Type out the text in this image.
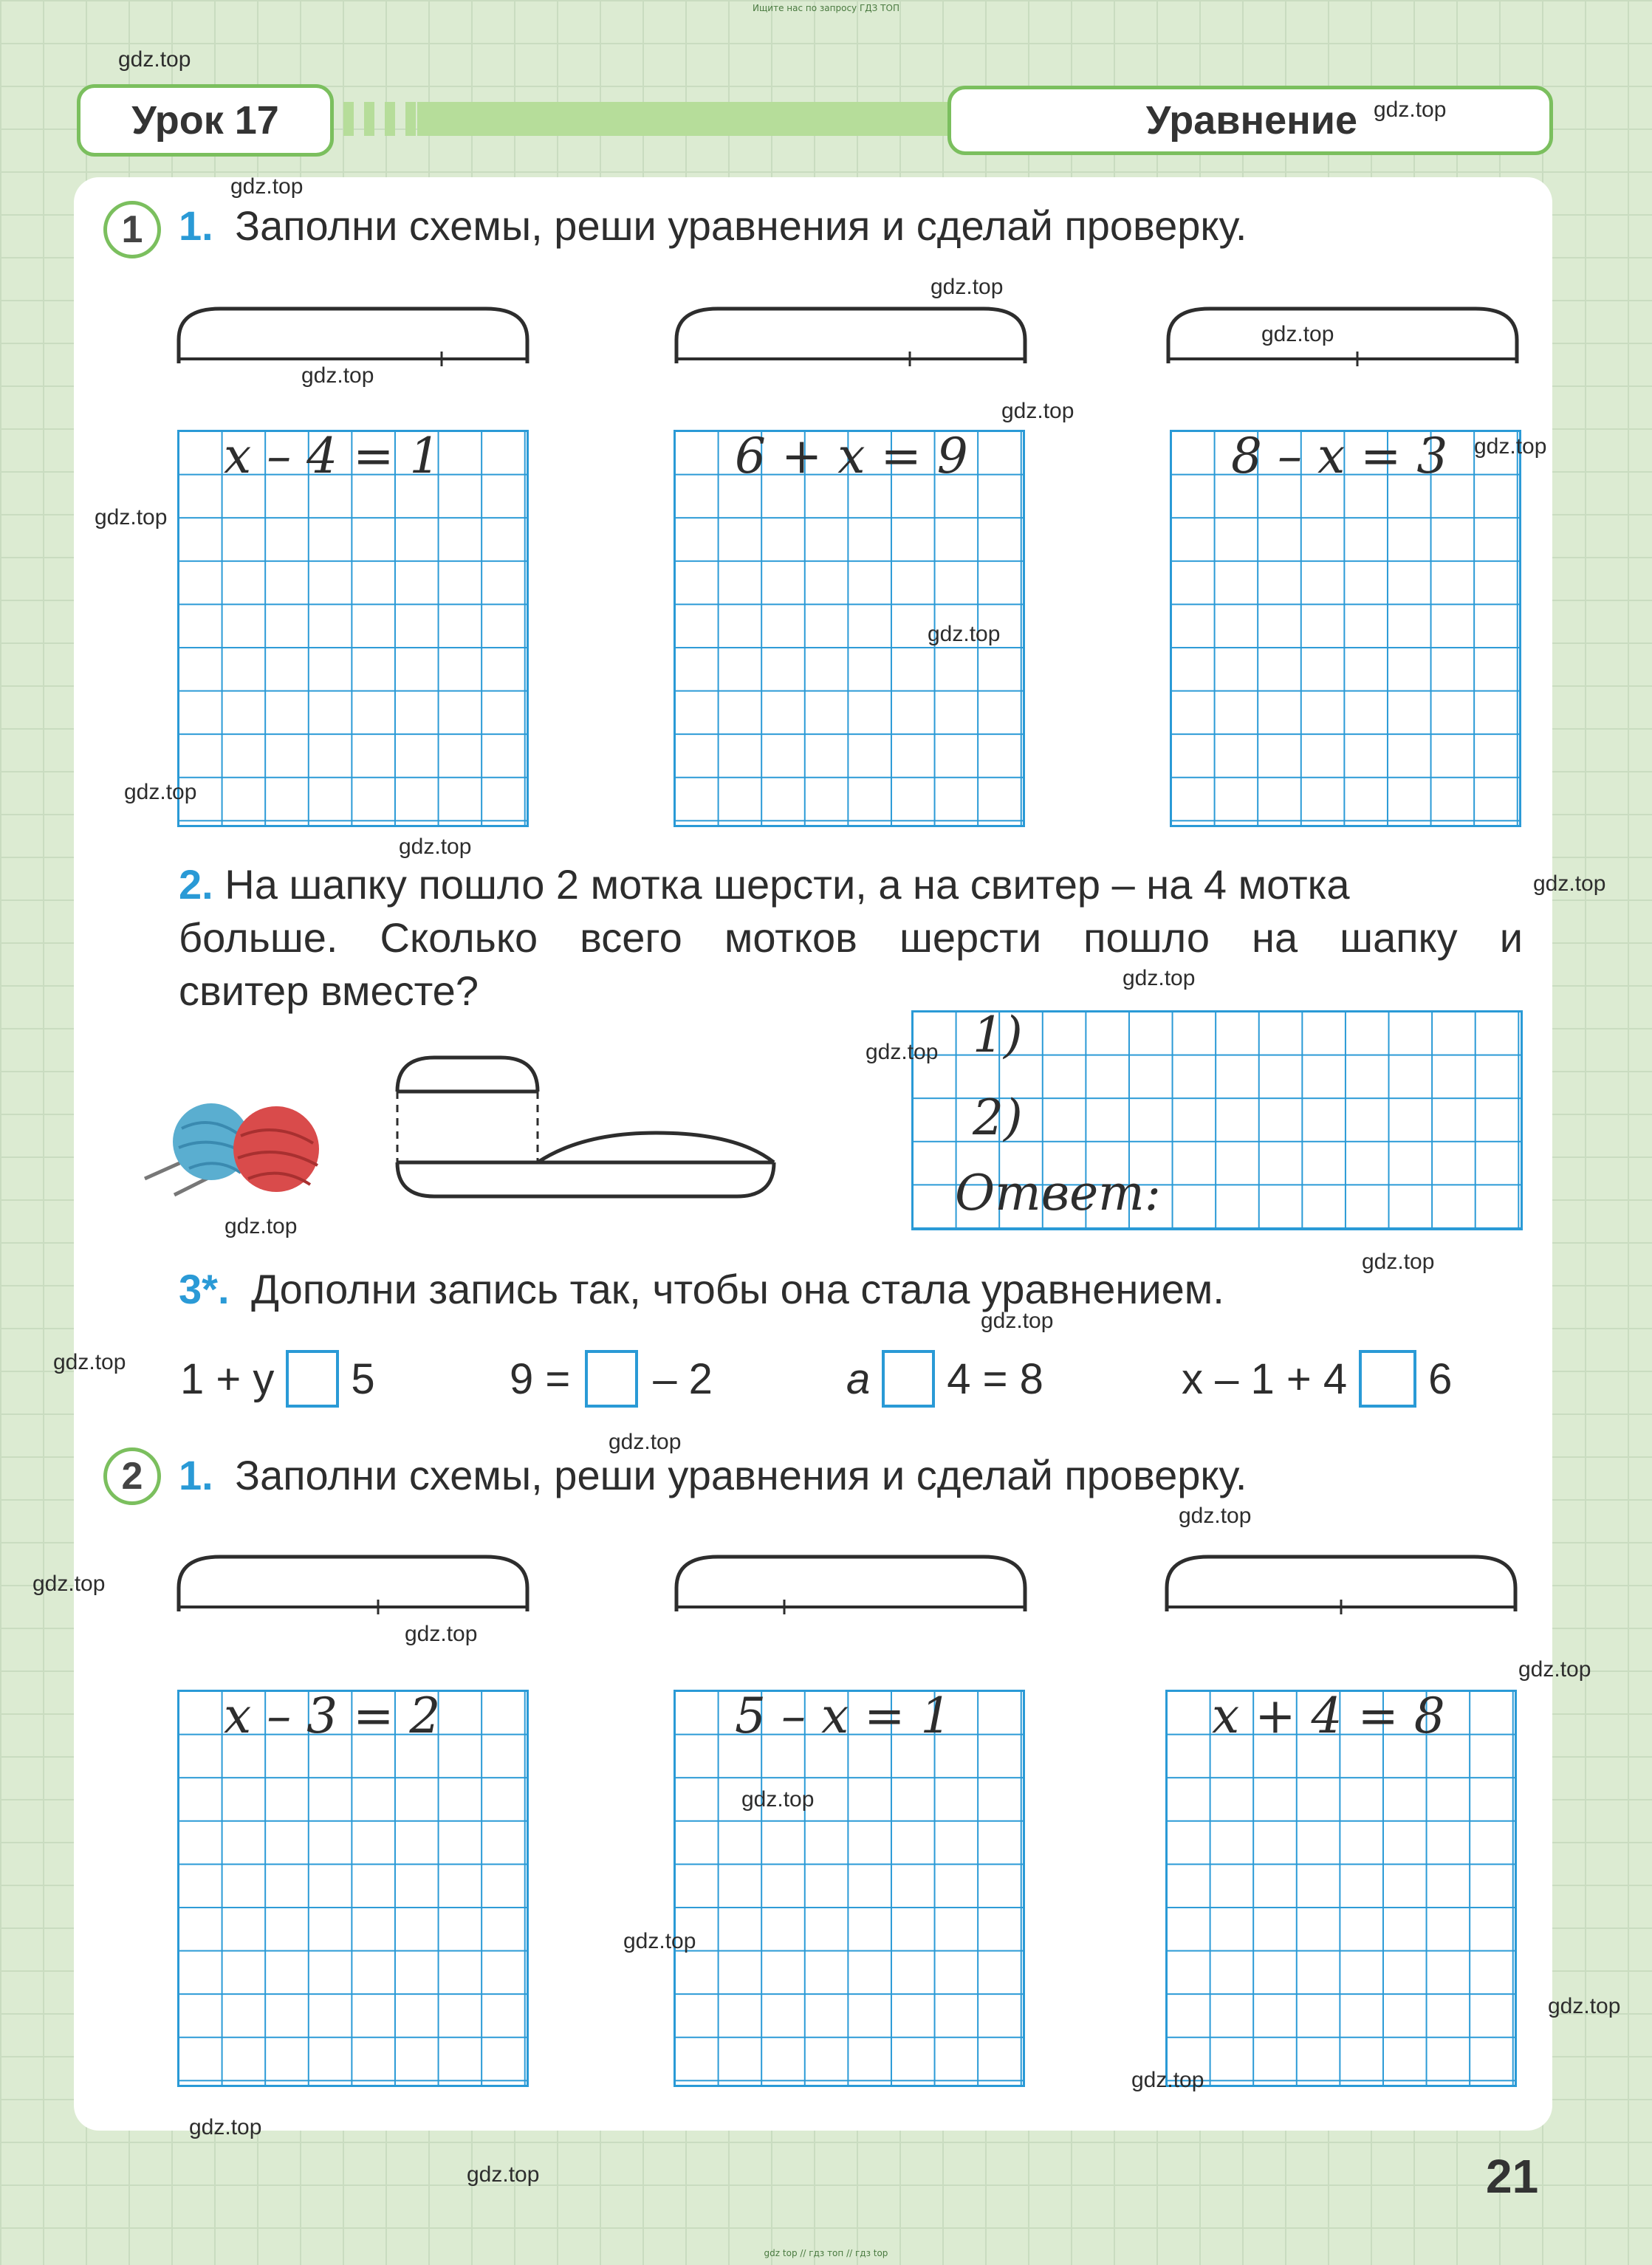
Ищите нас по запросу ГДЗ ТОП
Урок 17	Уравнение
1 1. Заполни схемы, реши уравнения и сделай проверку.
x – 4 = 1	6 + x = 9	8 – x = 3
2. На шапку пошло 2 мотка шерсти, а на свитер – на 4 мотка
больше. Сколько всего мотков шерсти пошло на шапку и
свитер вместе?
1)
2)
Ответ:
3*. Дополни запись так, чтобы она стала уравнением.
1 + y 5	9 = – 2	a 4 = 8	x – 1 + 4 6
2 1. Заполни схемы, реши уравнения и сделай проверку.
x – 3 = 2	5 – x = 1	x + 4 = 8
gdz.top
gdz.top
gdz.top
gdz.top
gdz.top
gdz.top
gdz.top
gdz.top
gdz.top
gdz.top
gdz.top
gdz.top
gdz.top
gdz.top
gdz.top
gdz.top
gdz.top
gdz.top
gdz.top
gdz.top
gdz.top
gdz.top
gdz.top
gdz.top
gdz.top
gdz.top
gdz.top
gdz.top
gdz.top
gdz.top	21
gdz top // гдз топ // гдз top
